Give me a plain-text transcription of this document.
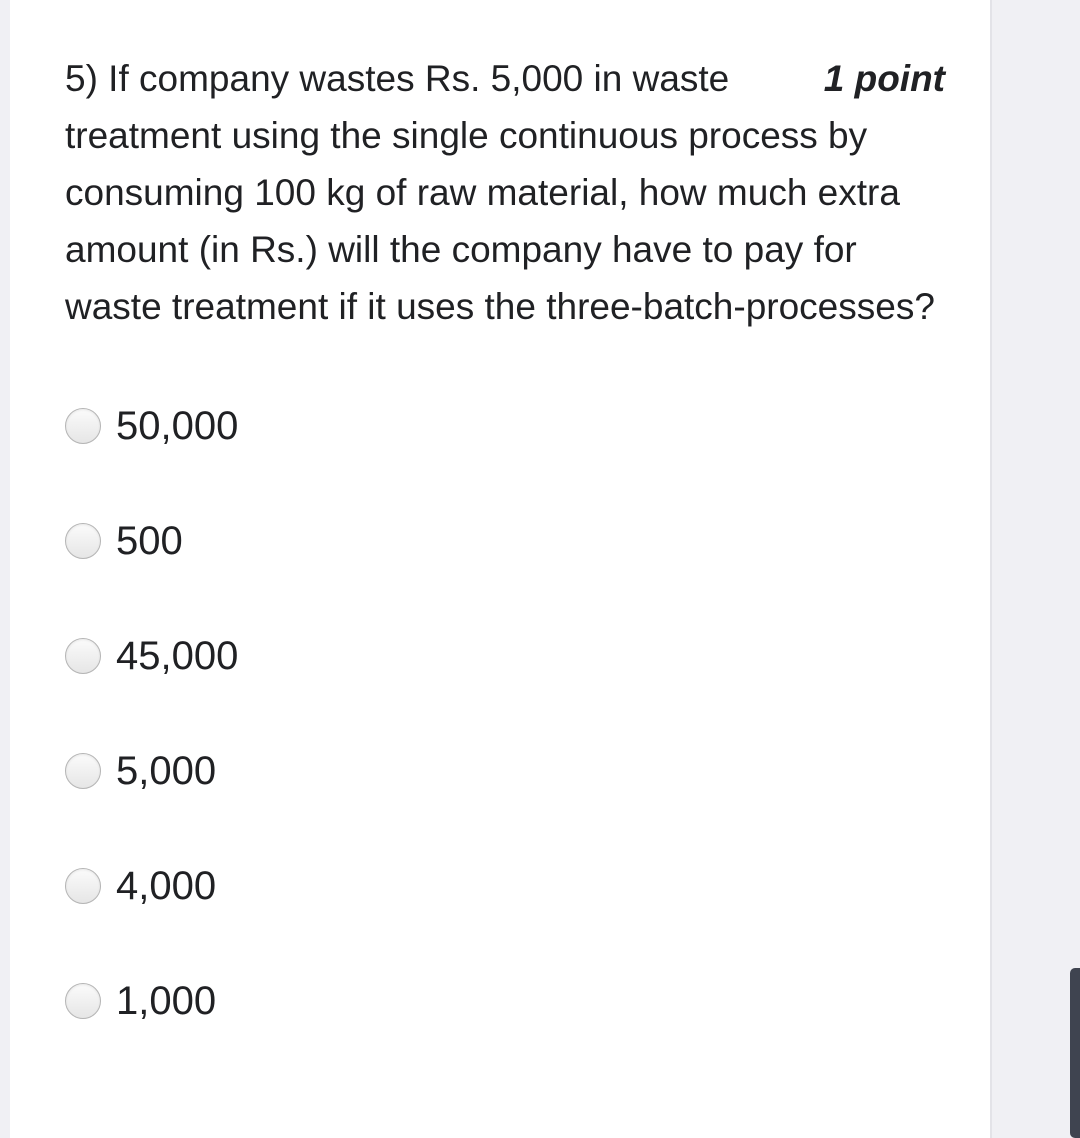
1 point

5) If company wastes Rs. 5,000 in waste treatment using the single continuous process by consuming 100 kg of raw material, how much extra amount (in Rs.) will the company have to pay for waste treatment if it uses the three-batch-processes?

50,000
500
45,000
5,000
4,000
1,000
